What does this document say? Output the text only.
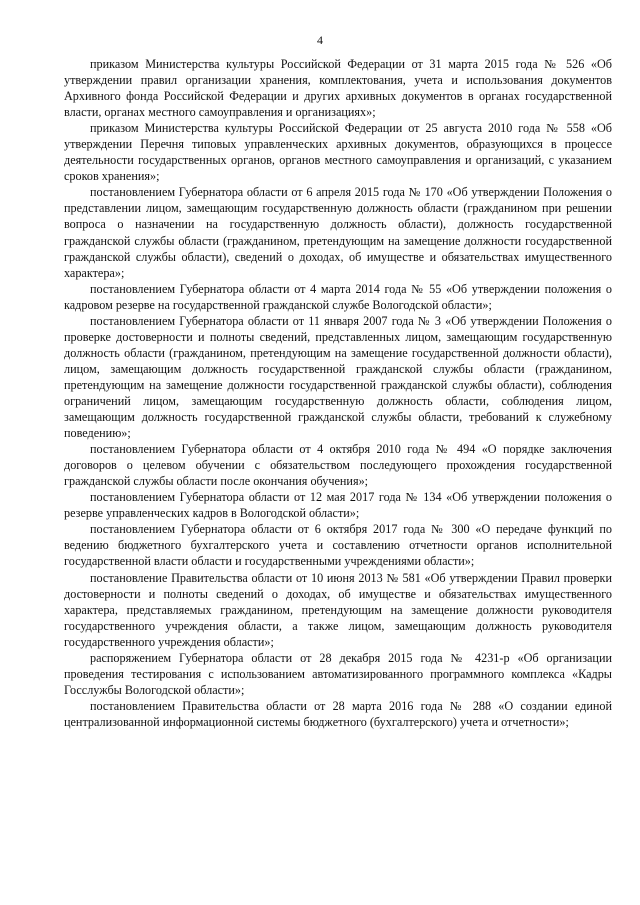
4

приказом Министерства культуры Российской Федерации от 31 марта 2015 года № 526 «Об утверждении правил организации хранения, комплектования, учета и использования документов Архивного фонда Российской Федерации и других архивных документов в органах государственной власти, органах местного самоуправления и организациях»;

приказом Министерства культуры Российской Федерации от 25 августа 2010 года № 558 «Об утверждении Перечня типовых управленческих архивных документов, образующихся в процессе деятельности государственных органов, органов местного самоуправления и организаций, с указанием сроков хранения»;

постановлением Губернатора области от 6 апреля 2015 года № 170 «Об утверждении Положения о представлении лицом, замещающим государственную должность области (гражданином при решении вопроса о назначении на государственную должность области), должность государственной гражданской службы области (гражданином, претендующим на замещение должности государственной гражданской службы области), сведений о доходах, об имуществе и обязательствах имущественного характера»;

постановлением Губернатора области от 4 марта 2014 года № 55 «Об утверждении положения о кадровом резерве на государственной гражданской службе Вологодской области»;

постановлением Губернатора области от 11 января 2007 года № 3 «Об утверждении Положения о проверке достоверности и полноты сведений, представленных лицом, замещающим государственную должность области (гражданином, претендующим на замещение государственной должности области), лицом, замещающим должность государственной гражданской службы области (гражданином, претендующим на замещение должности государственной гражданской службы области), соблюдения ограничений лицом, замещающим государственную должность области, соблюдения лицом, замещающим должность государственной гражданской службы области, требований к служебному поведению»;

постановлением Губернатора области от 4 октября 2010 года № 494 «О порядке заключения договоров о целевом обучении с обязательством последующего прохождения государственной гражданской службы области после окончания обучения»;

постановлением Губернатора области от 12 мая 2017 года № 134 «Об утверждении положения о резерве управленческих кадров в Вологодской области»;

постановлением Губернатора области от 6 октября 2017 года № 300 «О передаче функций по ведению бюджетного бухгалтерского учета и составлению отчетности органов исполнительной государственной власти области и государственными учреждениями области»;

постановление Правительства области от 10 июня 2013 № 581 «Об утверждении Правил проверки достоверности и полноты сведений о доходах, об имуществе и обязательствах имущественного характера, представляемых гражданином, претендующим на замещение должности руководителя государственного учреждения области, а также лицом, замещающим должность руководителя государственного учреждения области»;

распоряжением Губернатора области от 28 декабря 2015 года № 4231-р «Об организации проведения тестирования с использованием автоматизированного программного комплекса «Кадры Госслужбы Вологодской области»;

постановлением Правительства области от 28 марта 2016 года № 288 «О создании единой централизованной информационной системы бюджетного (бухгалтерского) учета и отчетности»;
